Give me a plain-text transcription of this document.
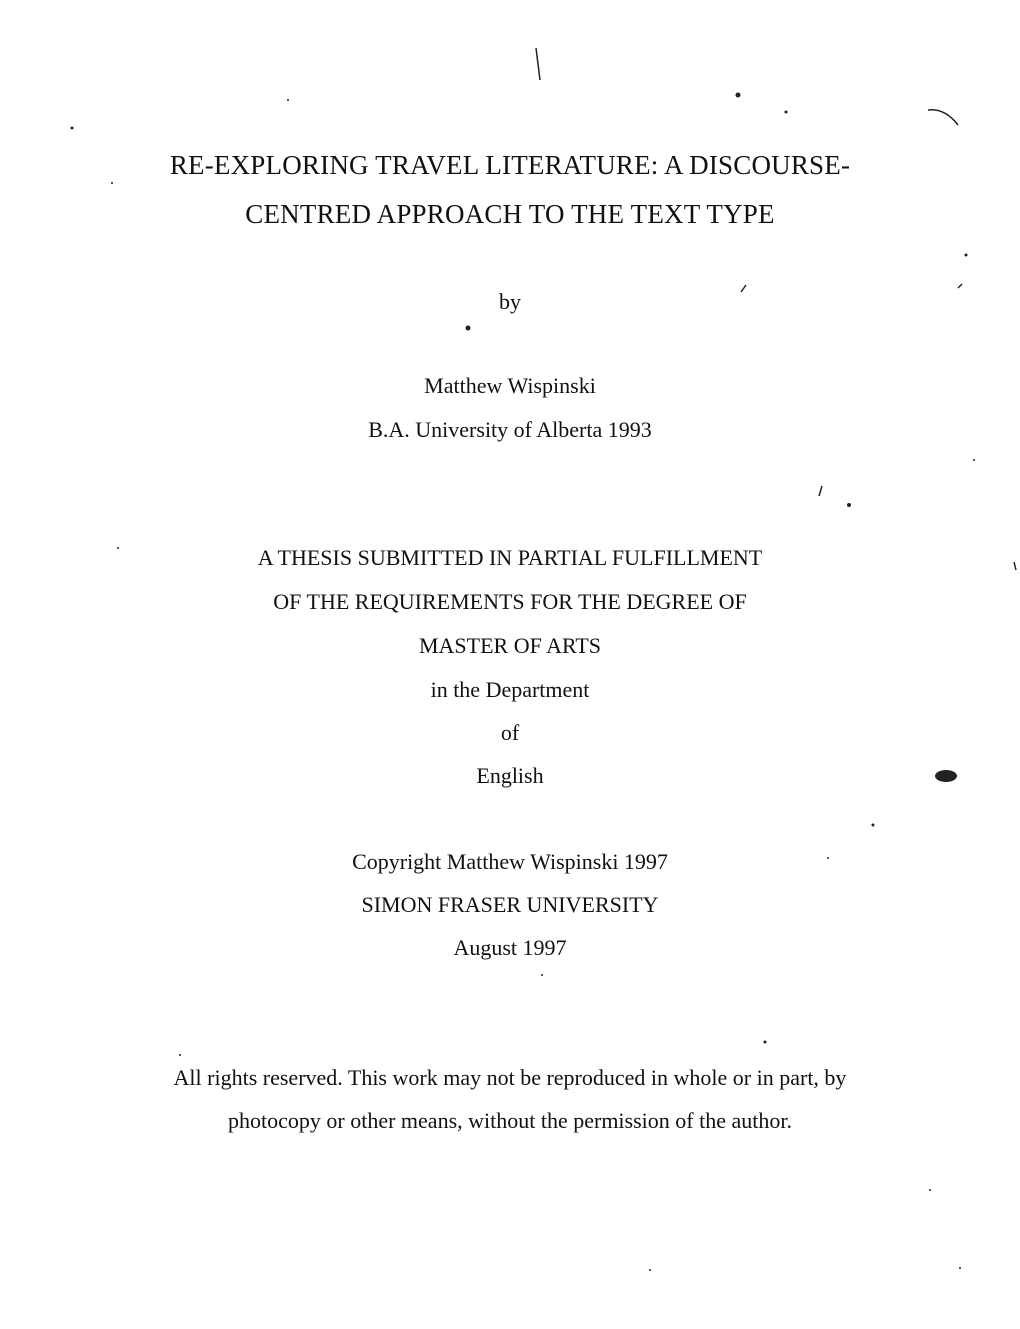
RE-EXPLORING TRAVEL LITERATURE: A DISCOURSE-
CENTRED APPROACH TO THE TEXT TYPE
by
Matthew Wispinski
B.A. University of Alberta 1993
A THESIS SUBMITTED IN PARTIAL FULFILLMENT
OF THE REQUIREMENTS FOR THE DEGREE OF
MASTER OF ARTS
in the Department
of
English
Copyright Matthew Wispinski 1997
SIMON FRASER UNIVERSITY
August 1997
All rights reserved. This work may not be reproduced in whole or in part, by
photocopy or other means, without the permission of the author.
